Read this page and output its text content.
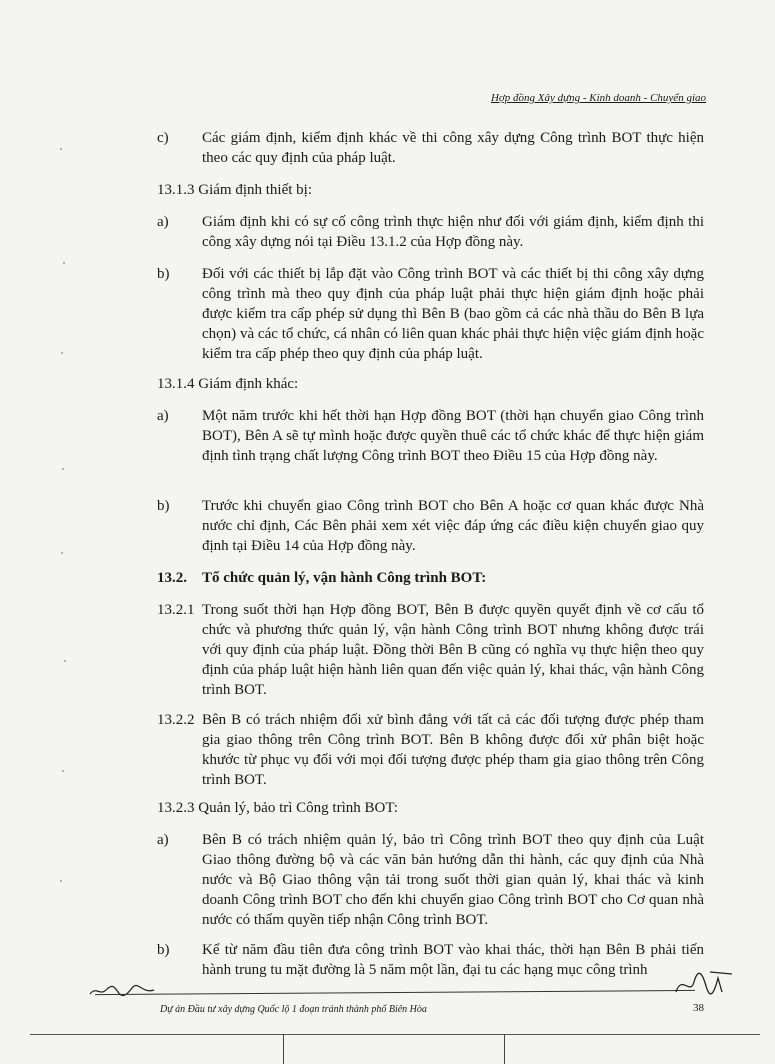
Hợp đồng Xây dựng - Kinh doanh - Chuyển giao
c) Các giám định, kiểm định khác về thi công xây dựng Công trình BOT thực hiện theo các quy định của pháp luật.
13.1.3 Giám định thiết bị:
a) Giám định khi có sự cố công trình thực hiện như đối với giám định, kiểm định thi công xây dựng nói tại Điều 13.1.2 của Hợp đồng này.
b) Đối với các thiết bị lắp đặt vào Công trình BOT và các thiết bị thi công xây dựng công trình mà theo quy định của pháp luật phải thực hiện giám định hoặc phải được kiểm tra cấp phép sử dụng thì Bên B (bao gồm cả các nhà thầu do Bên B lựa chọn) và các tổ chức, cá nhân có liên quan khác phải thực hiện việc giám định hoặc kiểm tra cấp phép theo quy định của pháp luật.
13.1.4 Giám định khác:
a) Một năm trước khi hết thời hạn Hợp đồng BOT (thời hạn chuyển giao Công trình BOT), Bên A sẽ tự mình hoặc được quyền thuê các tổ chức khác để thực hiện giám định tình trạng chất lượng Công trình BOT theo Điều 15 của Hợp đồng này.
b) Trước khi chuyển giao Công trình BOT cho Bên A hoặc cơ quan khác được Nhà nước chỉ định, Các Bên phải xem xét việc đáp ứng các điều kiện chuyển giao quy định tại Điều 14 của Hợp đồng này.
13.2. Tổ chức quản lý, vận hành Công trình BOT:
13.2.1 Trong suốt thời hạn Hợp đồng BOT, Bên B được quyền quyết định về cơ cấu tổ chức và phương thức quản lý, vận hành Công trình BOT nhưng không được trái với quy định của pháp luật. Đồng thời Bên B cũng có nghĩa vụ thực hiện theo quy định của pháp luật hiện hành liên quan đến việc quản lý, khai thác, vận hành Công trình BOT.
13.2.2 Bên B có trách nhiệm đối xử bình đẳng với tất cả các đối tượng được phép tham gia giao thông trên Công trình BOT. Bên B không được đối xử phân biệt hoặc khước từ phục vụ đối với mọi đối tượng được phép tham gia giao thông trên Công trình BOT.
13.2.3 Quản lý, bảo trì Công trình BOT:
a) Bên B có trách nhiệm quản lý, bảo trì Công trình BOT theo quy định của Luật Giao thông đường bộ và các văn bản hướng dẫn thi hành, các quy định của Nhà nước và Bộ Giao thông vận tải trong suốt thời gian quản lý, khai thác và kinh doanh Công trình BOT cho đến khi chuyển giao Công trình BOT cho Cơ quan nhà nước có thẩm quyền tiếp nhận Công trình BOT.
b) Kể từ năm đầu tiên đưa công trình BOT vào khai thác, thời hạn Bên B phải tiến hành trung tu mặt đường là 5 năm một lần, đại tu các hạng mục công trình
Dự án Đầu tư xây dựng Quốc lộ 1 đoạn tránh thành phố Biên Hòa	38
